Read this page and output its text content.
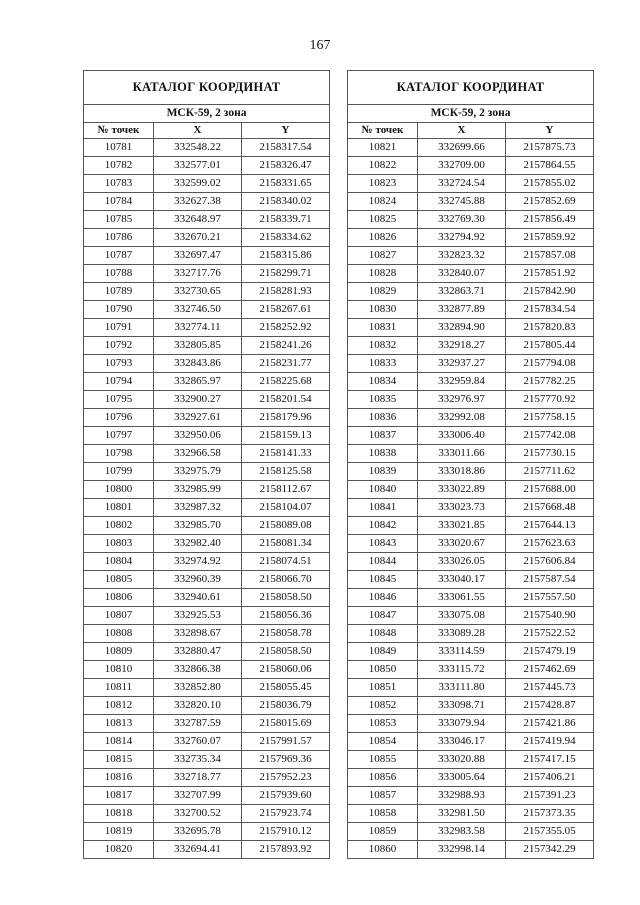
167
КАТАЛОГ КООРДИНАТ		
МСК-59, 2 зона		
№ точек	X	Y
10781	332548.22	2158317.54
10782	332577.01	2158326.47
10783	332599.02	2158331.65
10784	332627.38	2158340.02
10785	332648.97	2158339.71
10786	332670.21	2158334.62
10787	332697.47	2158315.86
10788	332717.76	2158299.71
10789	332730.65	2158281.93
10790	332746.50	2158267.61
10791	332774.11	2158252.92
10792	332805.85	2158241.26
10793	332843.86	2158231.77
10794	332865.97	2158225.68
10795	332900.27	2158201.54
10796	332927.61	2158179.96
10797	332950.06	2158159.13
10798	332966.58	2158141.33
10799	332975.79	2158125.58
10800	332985.99	2158112.67
10801	332987.32	2158104.07
10802	332985.70	2158089.08
10803	332982.40	2158081.34
10804	332974.92	2158074.51
10805	332960.39	2158066.70
10806	332940.61	2158058.50
10807	332925.53	2158056.36
10808	332898.67	2158058.78
10809	332880.47	2158058.50
10810	332866.38	2158060.06
10811	332852.80	2158055.45
10812	332820.10	2158036.79
10813	332787.59	2158015.69
10814	332760.07	2157991.57
10815	332735.34	2157969.36
10816	332718.77	2157952.23
10817	332707.99	2157939.60
10818	332700.52	2157923.74
10819	332695.78	2157910.12
10820	332694.41	2157893.92
КАТАЛОГ КООРДИНАТ		
МСК-59, 2 зона		
№ точек	X	Y
10821	332699.66	2157875.73
10822	332709.00	2157864.55
10823	332724.54	2157855.02
10824	332745.88	2157852.69
10825	332769.30	2157856.49
10826	332794.92	2157859.92
10827	332823.32	2157857.08
10828	332840.07	2157851.92
10829	332863.71	2157842.90
10830	332877.89	2157834.54
10831	332894.90	2157820.83
10832	332918.27	2157805.44
10833	332937.27	2157794.08
10834	332959.84	2157782.25
10835	332976.97	2157770.92
10836	332992.08	2157758.15
10837	333006.40	2157742.08
10838	333011.66	2157730.15
10839	333018.86	2157711.62
10840	333022.89	2157688.00
10841	333023.73	2157668.48
10842	333021.85	2157644.13
10843	333020.67	2157623.63
10844	333026.05	2157606.84
10845	333040.17	2157587.54
10846	333061.55	2157557.50
10847	333075.08	2157540.90
10848	333089.28	2157522.52
10849	333114.59	2157479.19
10850	333115.72	2157462.69
10851	333111.80	2157445.73
10852	333098.71	2157428.87
10853	333079.94	2157421.86
10854	333046.17	2157419.94
10855	333020.88	2157417.15
10856	333005.64	2157406.21
10857	332988.93	2157391.23
10858	332981.50	2157373.35
10859	332983.58	2157355.05
10860	332998.14	2157342.29
